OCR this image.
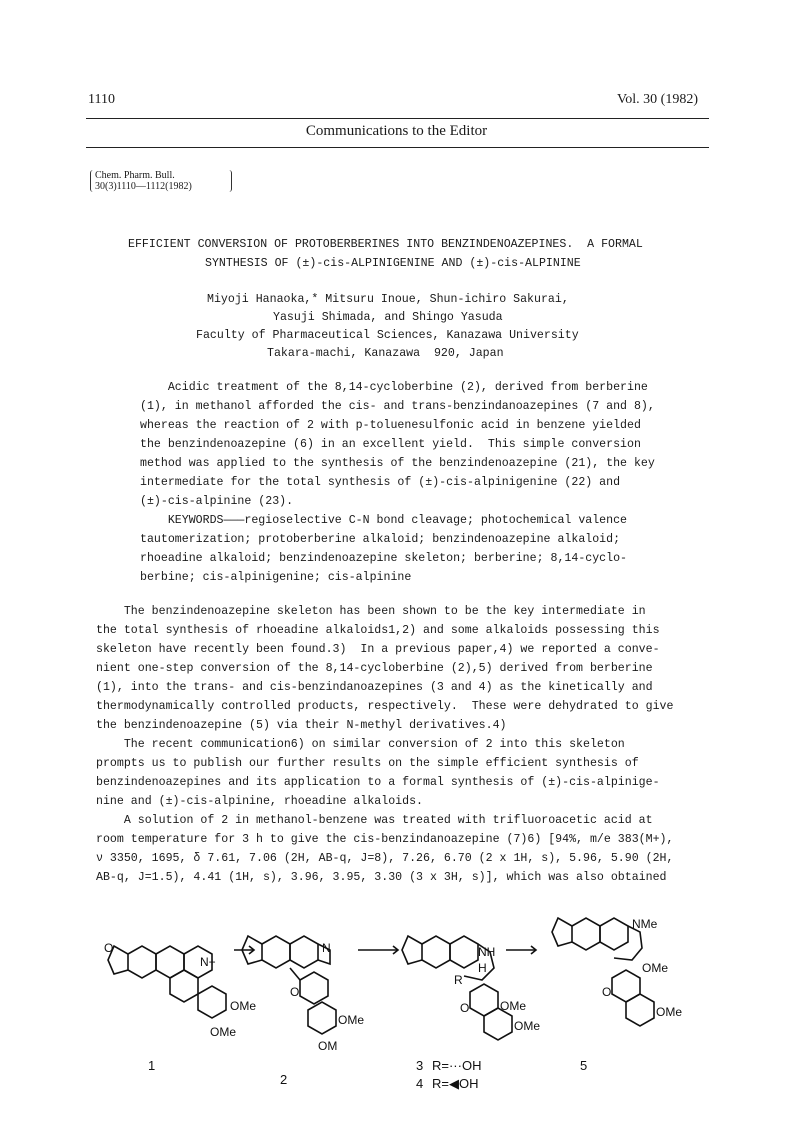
1110	Vol. 30 (1982)
Communications to the Editor
Chem. Pharm. Bull.
30(3)1110—1112(1982)
EFFICIENT CONVERSION OF PROTOBERBERINES INTO BENZINDENOAZEPINES.  A FORMAL
SYNTHESIS OF (±)-cis-ALPINIGENINE AND (±)-cis-ALPININE
Miyoji Hanaoka,* Mitsuru Inoue, Shun-ichiro Sakurai,
Yasuji Shimada, and Shingo Yasuda
Faculty of Pharmaceutical Sciences, Kanazawa University
Takara-machi, Kanazawa  920, Japan
Acidic treatment of the 8,14-cycloberbine (2), derived from berberine
(1), in methanol afforded the cis- and trans-benzindanoazepines (7 and 8),
whereas the reaction of 2 with p-toluenesulfonic acid in benzene yielded
the benzindenoazepine (6) in an excellent yield.  This simple conversion
method was applied to the synthesis of the benzindenoazepine (21), the key
intermediate for the total synthesis of (±)-cis-alpinigenine (22) and
(±)-cis-alpinine (23).
KEYWORDS———regioselective C-N bond cleavage; photochemical valence
tautomerization; protoberberine alkaloid; benzindenoazepine alkaloid;
rhoeadine alkaloid; benzindenoazepine skeleton; berberine; 8,14-cyclo-
berbine; cis-alpinigenine; cis-alpinine
The benzindenoazepine skeleton has been shown to be the key intermediate in
the total synthesis of rhoeadine alkaloids1,2) and some alkaloids possessing this
skeleton have recently been found.3)  In a previous paper,4) we reported a conve-
nient one-step conversion of the 8,14-cycloberbine (2),5) derived from berberine
(1), into the trans- and cis-benzindanoazepines (3 and 4) as the kinetically and
thermodynamically controlled products, respectively.  These were dehydrated to give
the benzindenoazepine (5) via their N-methyl derivatives.4)
The recent communication6) on similar conversion of 2 into this skeleton
prompts us to publish our further results on the simple efficient synthesis of
benzindenoazepines and its application to a formal synthesis of (±)-cis-alpinige-
nine and (±)-cis-alpinine, rhoeadine alkaloids.
A solution of 2 in methanol-benzene was treated with trifluoroacetic acid at
room temperature for 3 h to give the cis-benzindanoazepine (7)6) [94%, m/e 383(M+),
ν 3350, 1695, δ 7.61, 7.06 (2H, AB-q, J=8), 7.26, 6.70 (2 x 1H, s), 5.96, 5.90 (2H,
AB-q, J=1.5), 4.41 (1H, s), 3.96, 3.95, 3.30 (3 x 3H, s)], which was also obtained
O
N+
OMe
OMe
N
O
OMe
OM
NH
H
R
O	OMe
OMe
NMe
OMe
O
OMe
1
2
3 R=···OH
4 R=◀OH
5
